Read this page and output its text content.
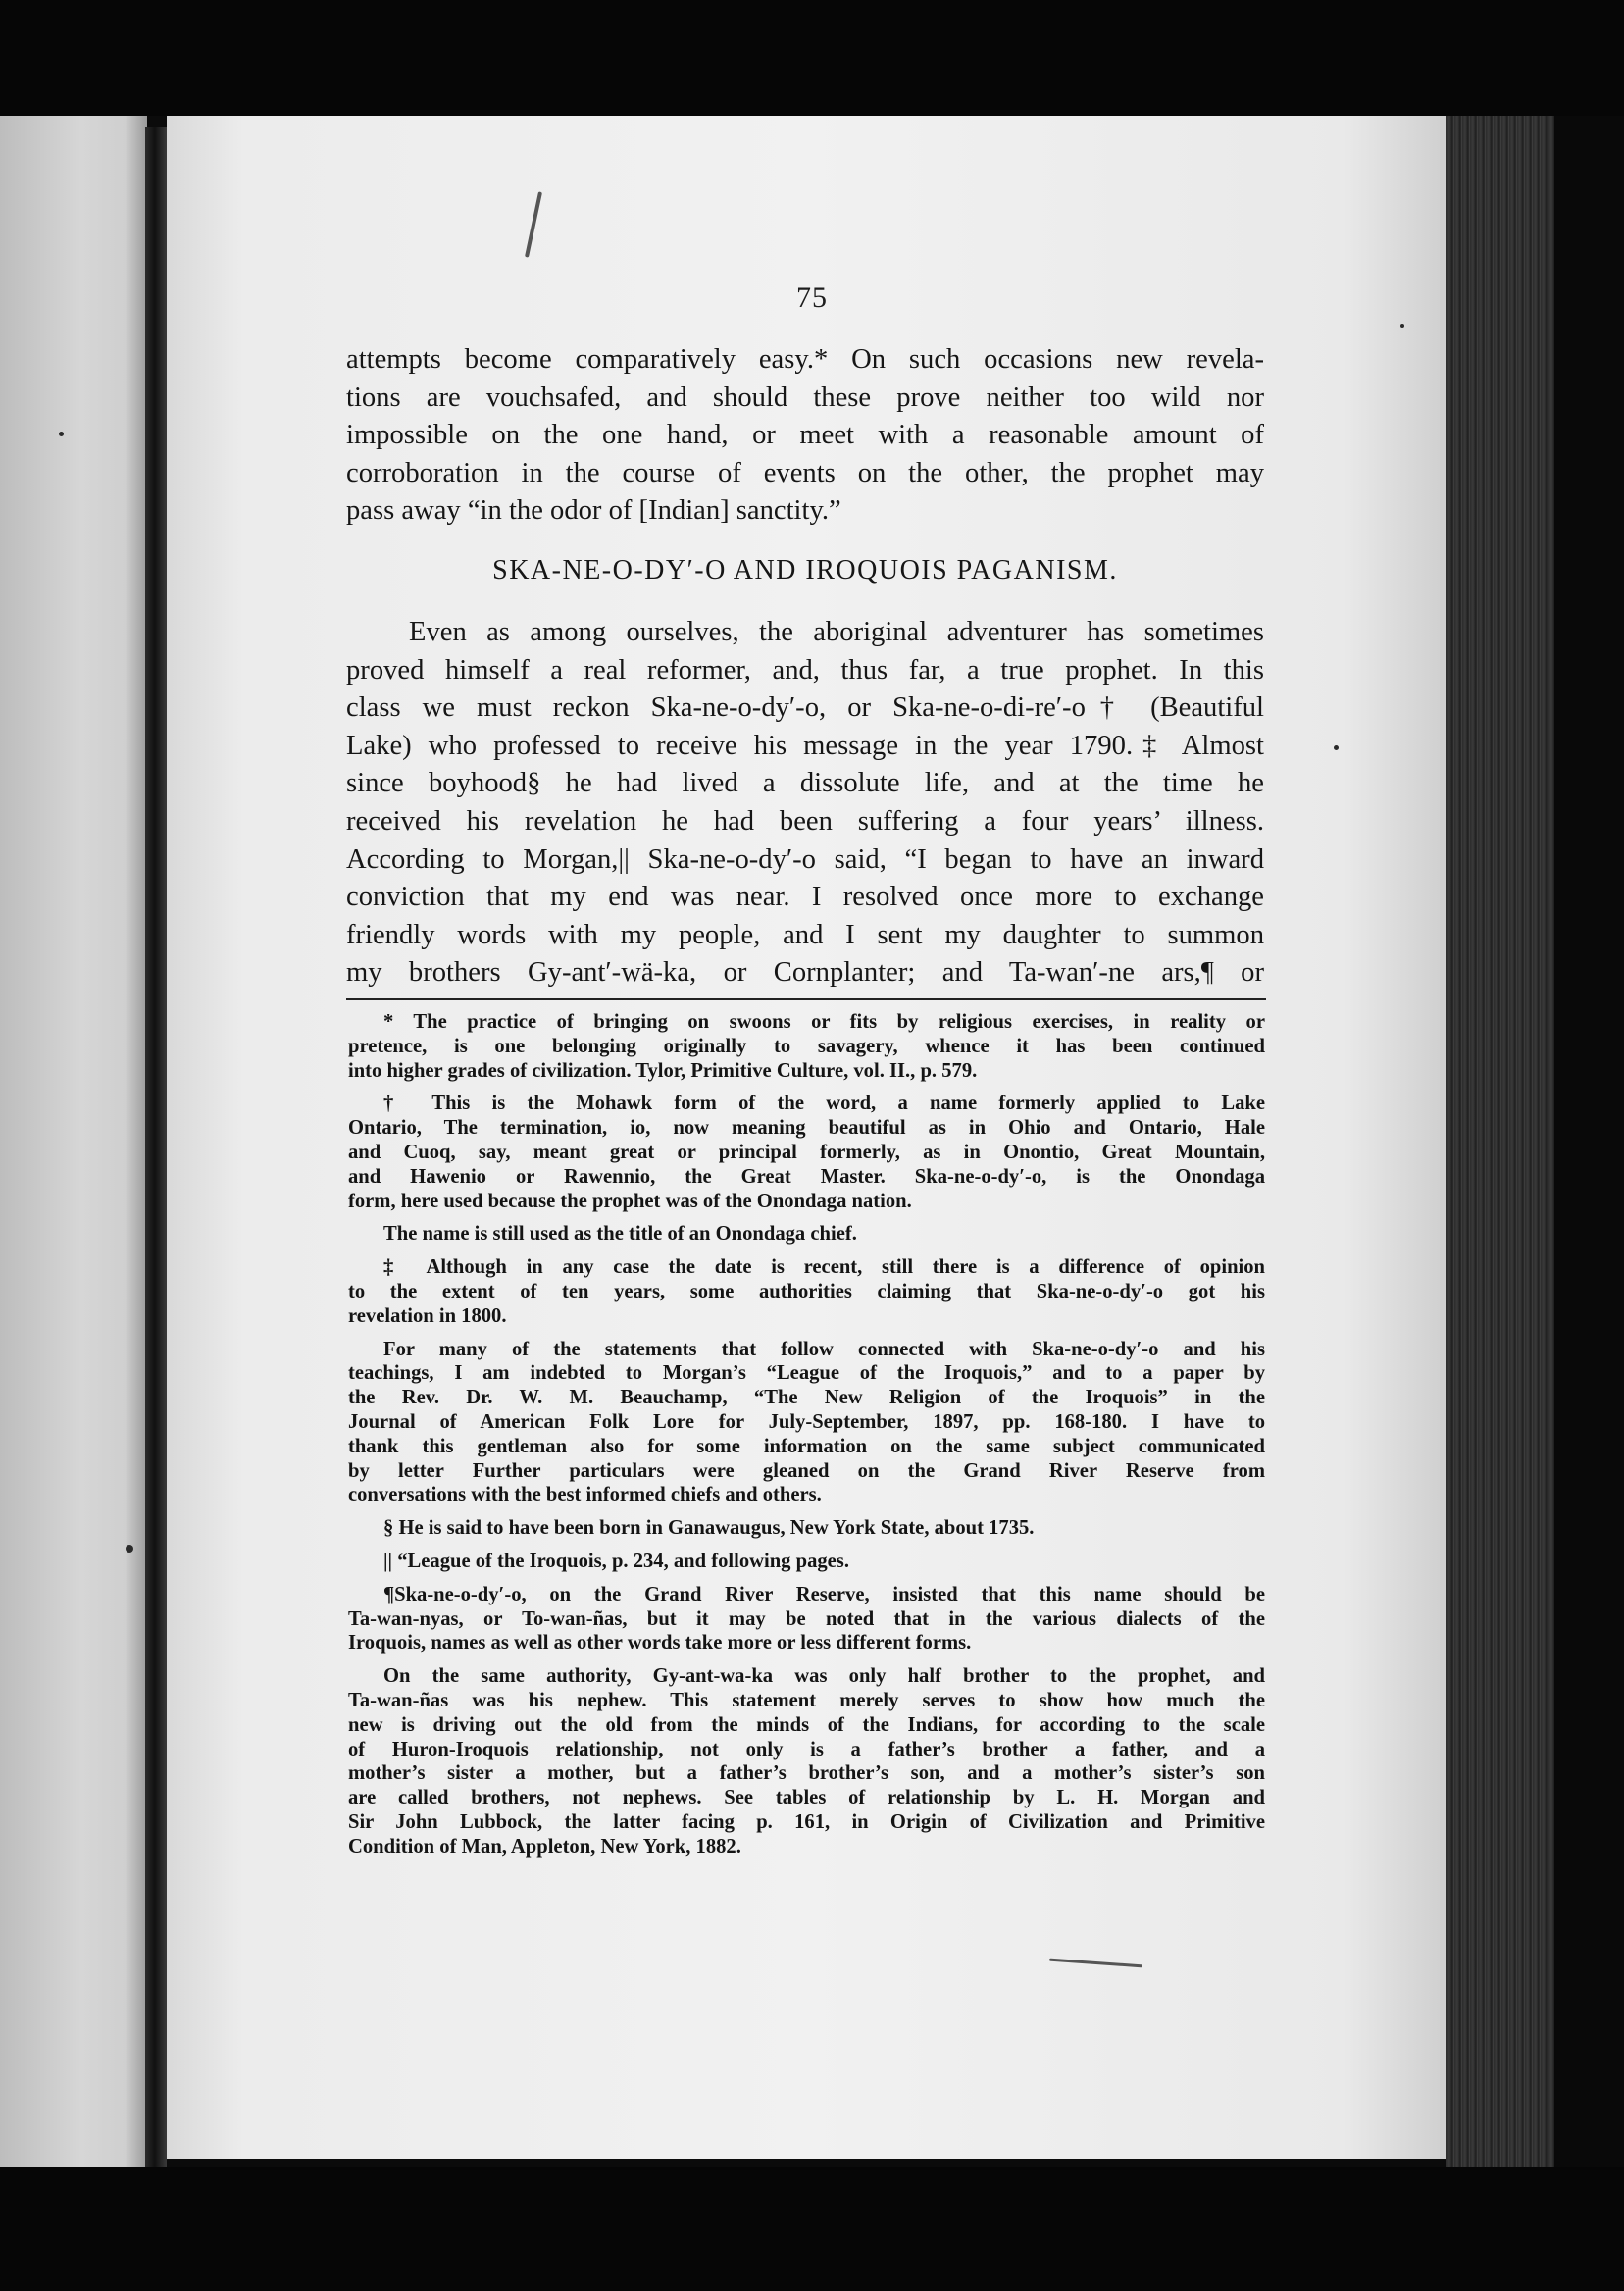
75
attempts become comparatively easy.* On such occasions new revela-
tions are vouchsafed, and should these prove neither too wild nor
impossible on the one hand, or meet with a reasonable amount of
corroboration in the course of events on the other, the prophet may
pass away “in the odor of [Indian] sanctity.”
SKA-NE-O-DY′-O AND IROQUOIS PAGANISM.
Even as among ourselves, the aboriginal adventurer has sometimes
proved himself a real reformer, and, thus far, a true prophet. In this
class we must reckon Ska-ne-o-dy′-o, or Ska-ne-o-di-re′-o† (Beautiful
Lake) who professed to receive his message in the year 1790.‡ Almost
since boyhood§ he had lived a dissolute life, and at the time he
received his revelation he had been suffering a four years’ illness.
According to Morgan,|| Ska-ne-o-dy′-o said, “I began to have an inward
conviction that my end was near. I resolved once more to exchange
friendly words with my people, and I sent my daughter to summon
my brothers Gy-ant′-wä-ka, or Cornplanter; and Ta-wan′-ne ars,¶ or
* The practice of bringing on swoons or fits by religious exercises, in reality or
pretence, is one belonging originally to savagery, whence it has been continued
into higher grades of civilization. Tylor, Primitive Culture, vol. II., p. 579.
† This is the Mohawk form of the word, a name formerly applied to Lake
Ontario, The termination, io, now meaning beautiful as in Ohio and Ontario, Hale
and Cuoq, say, meant great or principal formerly, as in Onontio, Great Mountain,
and Hawenio or Rawennio, the Great Master. Ska-ne-o-dy′-o, is the Onondaga
form, here used because the prophet was of the Onondaga nation.
The name is still used as the title of an Onondaga chief.
‡ Although in any case the date is recent, still there is a difference of opinion
to the extent of ten years, some authorities claiming that Ska-ne-o-dy′-o got his
revelation in 1800.
For many of the statements that follow connected with Ska-ne-o-dy′-o and his
teachings, I am indebted to Morgan’s “League of the Iroquois,” and to a paper by
the Rev. Dr. W. M. Beauchamp, “The New Religion of the Iroquois” in the
Journal of American Folk Lore for July-September, 1897, pp. 168-180. I have to
thank this gentleman also for some information on the same subject communicated
by letter Further particulars were gleaned on the Grand River Reserve from
conversations with the best informed chiefs and others.
§ He is said to have been born in Ganawaugus, New York State, about 1735.
|| “League of the Iroquois, p. 234, and following pages.
¶Ska-ne-o-dy′-o, on the Grand River Reserve, insisted that this name should be
Ta-wan-nyas, or To-wan-ñas, but it may be noted that in the various dialects of the
Iroquois, names as well as other words take more or less different forms.
On the same authority, Gy-ant-wa-ka was only half brother to the prophet, and
Ta-wan-ñas was his nephew. This statement merely serves to show how much the
new is driving out the old from the minds of the Indians, for according to the scale
of Huron-Iroquois relationship, not only is a father’s brother a father, and a
mother’s sister a mother, but a father’s brother’s son, and a mother’s sister’s son
are called brothers, not nephews. See tables of relationship by L. H. Morgan and
Sir John Lubbock, the latter facing p. 161, in Origin of Civilization and Primitive
Condition of Man, Appleton, New York, 1882.
